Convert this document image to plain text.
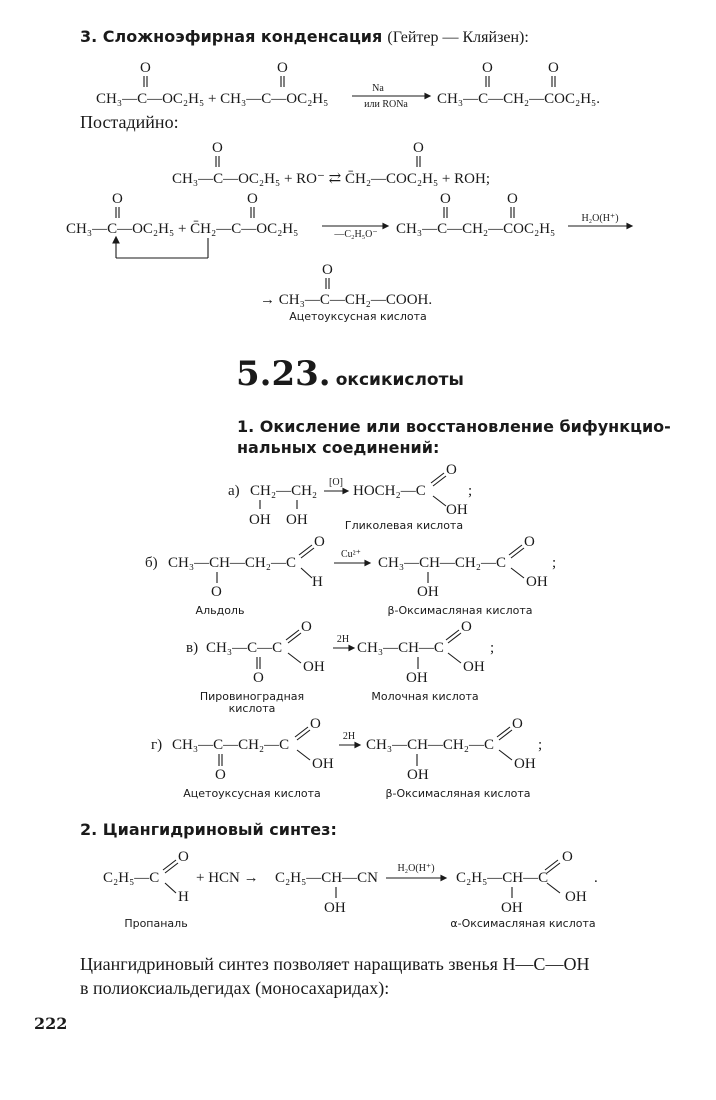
3. Сложноэфирная конденсация (Гейтер — Кляйзен):
O	O
CH₃—C—OC₂H₅ + CH₃—C—OC₂H₅
Na
или RONa
O	O
CH₃—C—CH₂—COC₂H₅.
Постадийно:
O	O
CH₃—C—OC₂H₅ + RO⁻ ⇄ C̄H₂—COC₂H₅ + ROH;
O	O
CH₃—C—OC₂H₅ + C̄H₂—C—OC₂H₅	—C₂H₅O⁻
O	O
CH₃—C—CH₂—COC₂H₅
H₂O(H⁺)
O
→ CH₃—C—CH₂—COOH.
Ацетоуксусная кислота
5.23. оксикислоты
1. Окисление или восстановление бифункцио-
нальных соединений:
а) CH₂—CH₂
OH OH
[O]
HOCH₂—C
O
OH
;
Гликолевая кислота
б) CH₃—CH—CH₂—C
O
O
H
Cu²⁺
CH₃—CH—CH₂—C
OH
O
OH
;
Альдоль	β-Оксимасляная кислота
в) CH₃—C—C
O
O
OH
2H
CH₃—CH—C
OH
O
OH
;
Пировиноградная
кислота
Молочная кислота
г) CH₃—C—CH₂—C
O
O
OH
2H
CH₃—CH—CH₂—C
OH
O
OH
;
Ацетоуксусная кислота	β-Оксимасляная кислота
2. Циангидриновый синтез:
C₂H₅—C
O
H
+ HCN → C₂H₅—CH—CN
OH
H₂O(H⁺)
C₂H₅—CH—C
OH
O
OH
.
Пропаналь	α-Оксимасляная кислота
Циангидриновый синтез позволяет наращивать звенья H—C—OH
в полиоксиальдегидах (моносахаридах):
222
